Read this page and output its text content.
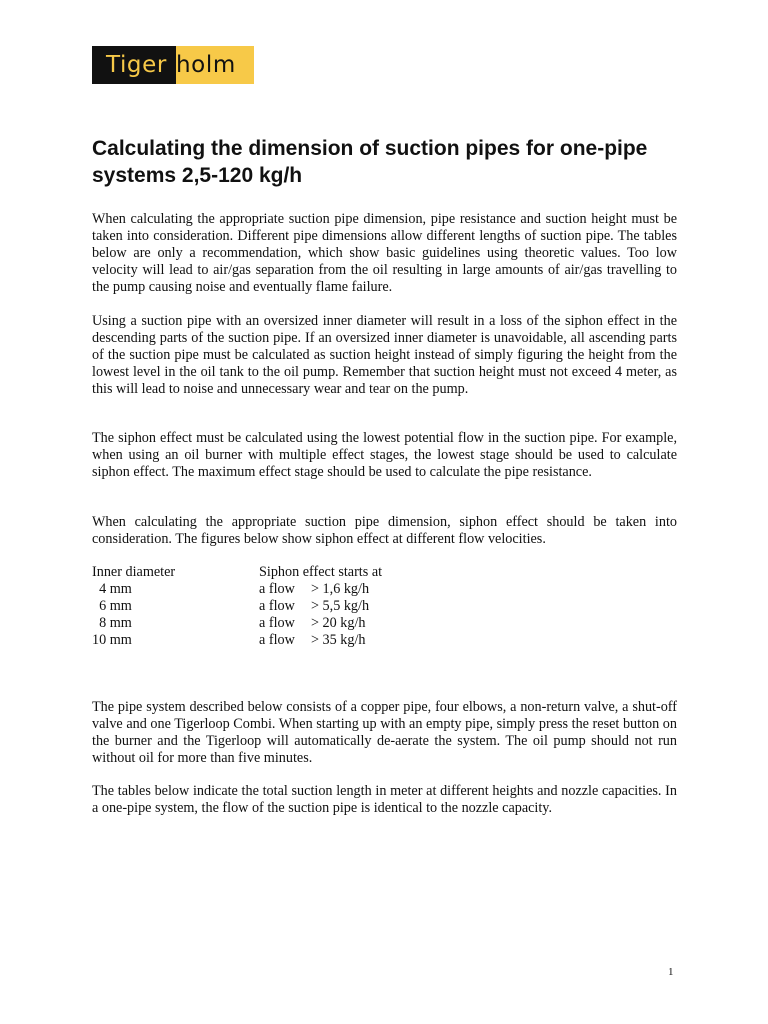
Tiger holm
Calculating the dimension of suction pipes for one-pipe systems 2,5-120 kg/h

When calculating the appropriate suction pipe dimension, pipe resistance and suction height must be taken into consideration. Different pipe dimensions allow different lengths of suction pipe. The tables below are only a recommendation, which show basic guidelines using theoretic values. Too low velocity will lead to air/gas separation from the oil resulting in large amounts of air/gas travelling to the pump causing noise and eventually flame failure.

Using a suction pipe with an oversized inner diameter will result in a loss of the siphon effect in the descending parts of the suction pipe. If an oversized inner diameter is unavoidable, all ascending parts of the suction pipe must be calculated as suction height instead of simply figuring the height from the lowest level in the oil tank to the oil pump. Remember that suction height must not exceed 4 meter, as this will lead to noise and unnecessary wear and tear on the pump.

The siphon effect must be calculated using the lowest potential flow in the suction pipe. For example, when using an oil burner with multiple effect stages, the lowest stage should be used to calculate siphon effect. The maximum effect stage should be used to calculate the pipe resistance.

When calculating the appropriate suction pipe dimension, siphon effect should be taken into consideration. The figures below show siphon effect at different flow velocities.

Inner diameter	Siphon effect starts at
4 mm	a flow	> 1,6 kg/h
6 mm	a flow	> 5,5 kg/h
8 mm	a flow	> 20 kg/h
10 mm	a flow	> 35 kg/h

The pipe system described below consists of a copper pipe, four elbows, a non-return valve, a shut-off valve and one Tigerloop Combi. When starting up with an empty pipe, simply press the reset button on the burner and the Tigerloop will automatically de-aerate the system. The oil pump should not run without oil for more than five minutes.

The tables below indicate the total suction length in meter at different heights and nozzle capacities. In a one-pipe system, the flow of the suction pipe is identical to the nozzle capacity.

1
